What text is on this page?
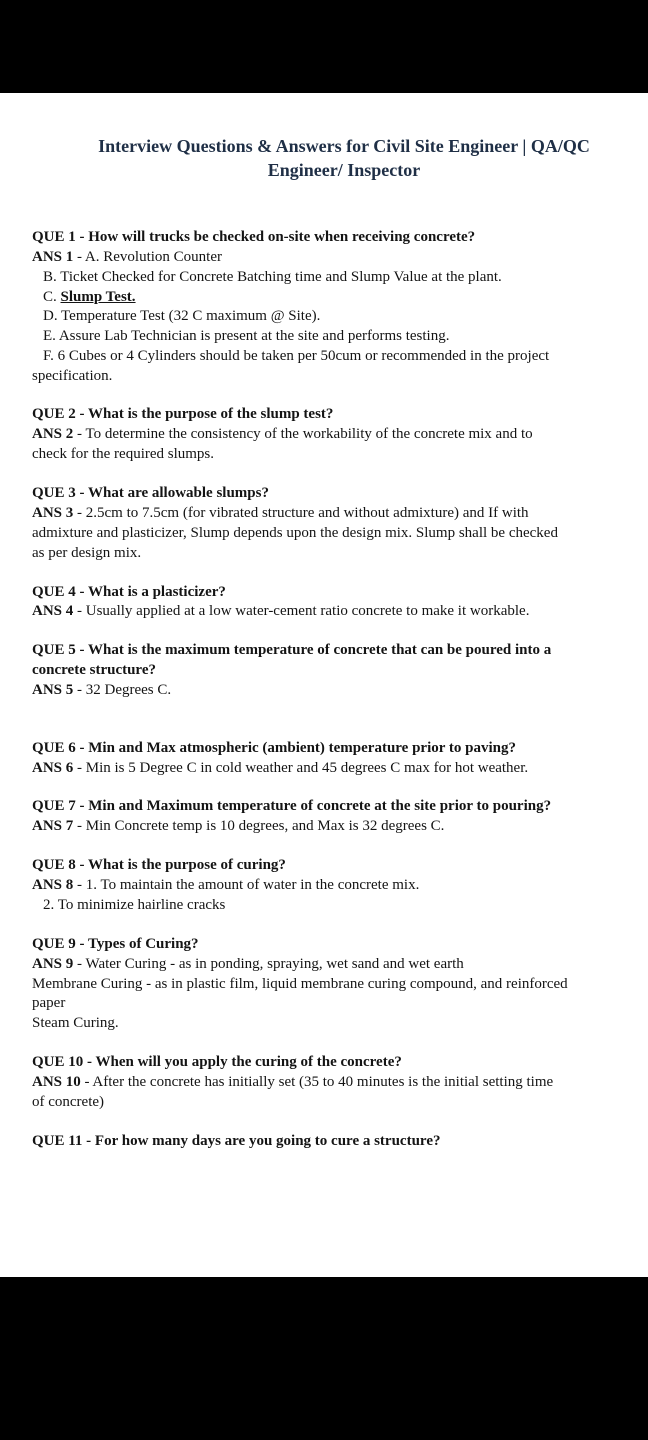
Interview Questions & Answers for Civil Site Engineer | QA/QC
Engineer/ Inspector
QUE 1 - How will trucks be checked on-site when receiving concrete?
ANS 1 - A. Revolution Counter
B. Ticket Checked for Concrete Batching time and Slump Value at the plant.
C. Slump Test.
D. Temperature Test (32 C maximum @ Site).
E. Assure Lab Technician is present at the site and performs testing.
F. 6 Cubes or 4 Cylinders should be taken per 50cum or recommended in the project
specification.
QUE 2 - What is the purpose of the slump test?
ANS 2 - To determine the consistency of the workability of the concrete mix and to
check for the required slumps.
QUE 3 - What are allowable slumps?
ANS 3 - 2.5cm to 7.5cm (for vibrated structure and without admixture) and If with
admixture and plasticizer, Slump depends upon the design mix. Slump shall be checked
as per design mix.
QUE 4 - What is a plasticizer?
ANS 4 - Usually applied at a low water-cement ratio concrete to make it workable.
QUE 5 - What is the maximum temperature of concrete that can be poured into a
concrete structure?
ANS 5 - 32 Degrees C.
QUE 6 - Min and Max atmospheric (ambient) temperature prior to paving?
ANS 6 - Min is 5 Degree C in cold weather and 45 degrees C max for hot weather.
QUE 7 - Min and Maximum temperature of concrete at the site prior to pouring?
ANS 7 - Min Concrete temp is 10 degrees, and Max is 32 degrees C.
QUE 8 - What is the purpose of curing?
ANS 8 - 1. To maintain the amount of water in the concrete mix.
2. To minimize hairline cracks
QUE 9 - Types of Curing?
ANS 9 - Water Curing - as in ponding, spraying, wet sand and wet earth
Membrane Curing - as in plastic film, liquid membrane curing compound, and reinforced
paper
Steam Curing.
QUE 10 - When will you apply the curing of the concrete?
ANS 10 - After the concrete has initially set (35 to 40 minutes is the initial setting time
of concrete)
QUE 11 - For how many days are you going to cure a structure?
